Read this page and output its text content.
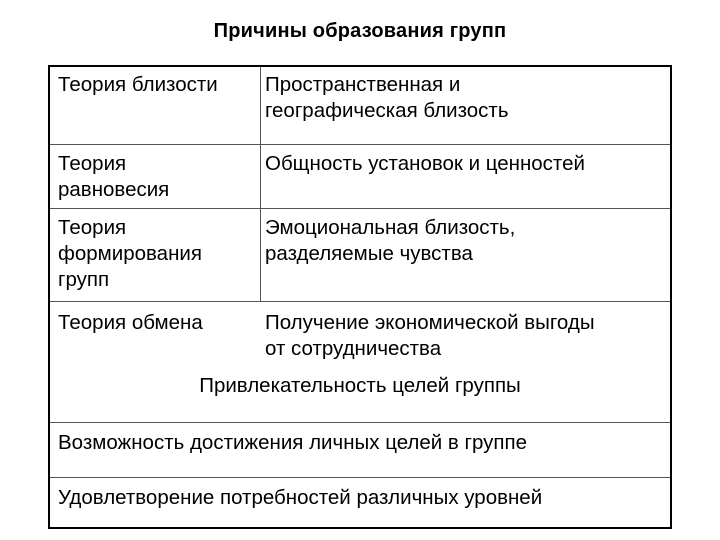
Причины образования групп
Теория близости Пространственная и
географическая близость
Теория
равновесия
Общность установок и ценностей
Теория
формирования
групп
Эмоциональная близость,
разделяемые чувства
Теория обмена	Получение экономической выгоды
от сотрудничества
Привлекательность целей группы
Возможность достижения личных целей в группе
Удовлетворение потребностей различных уровней
